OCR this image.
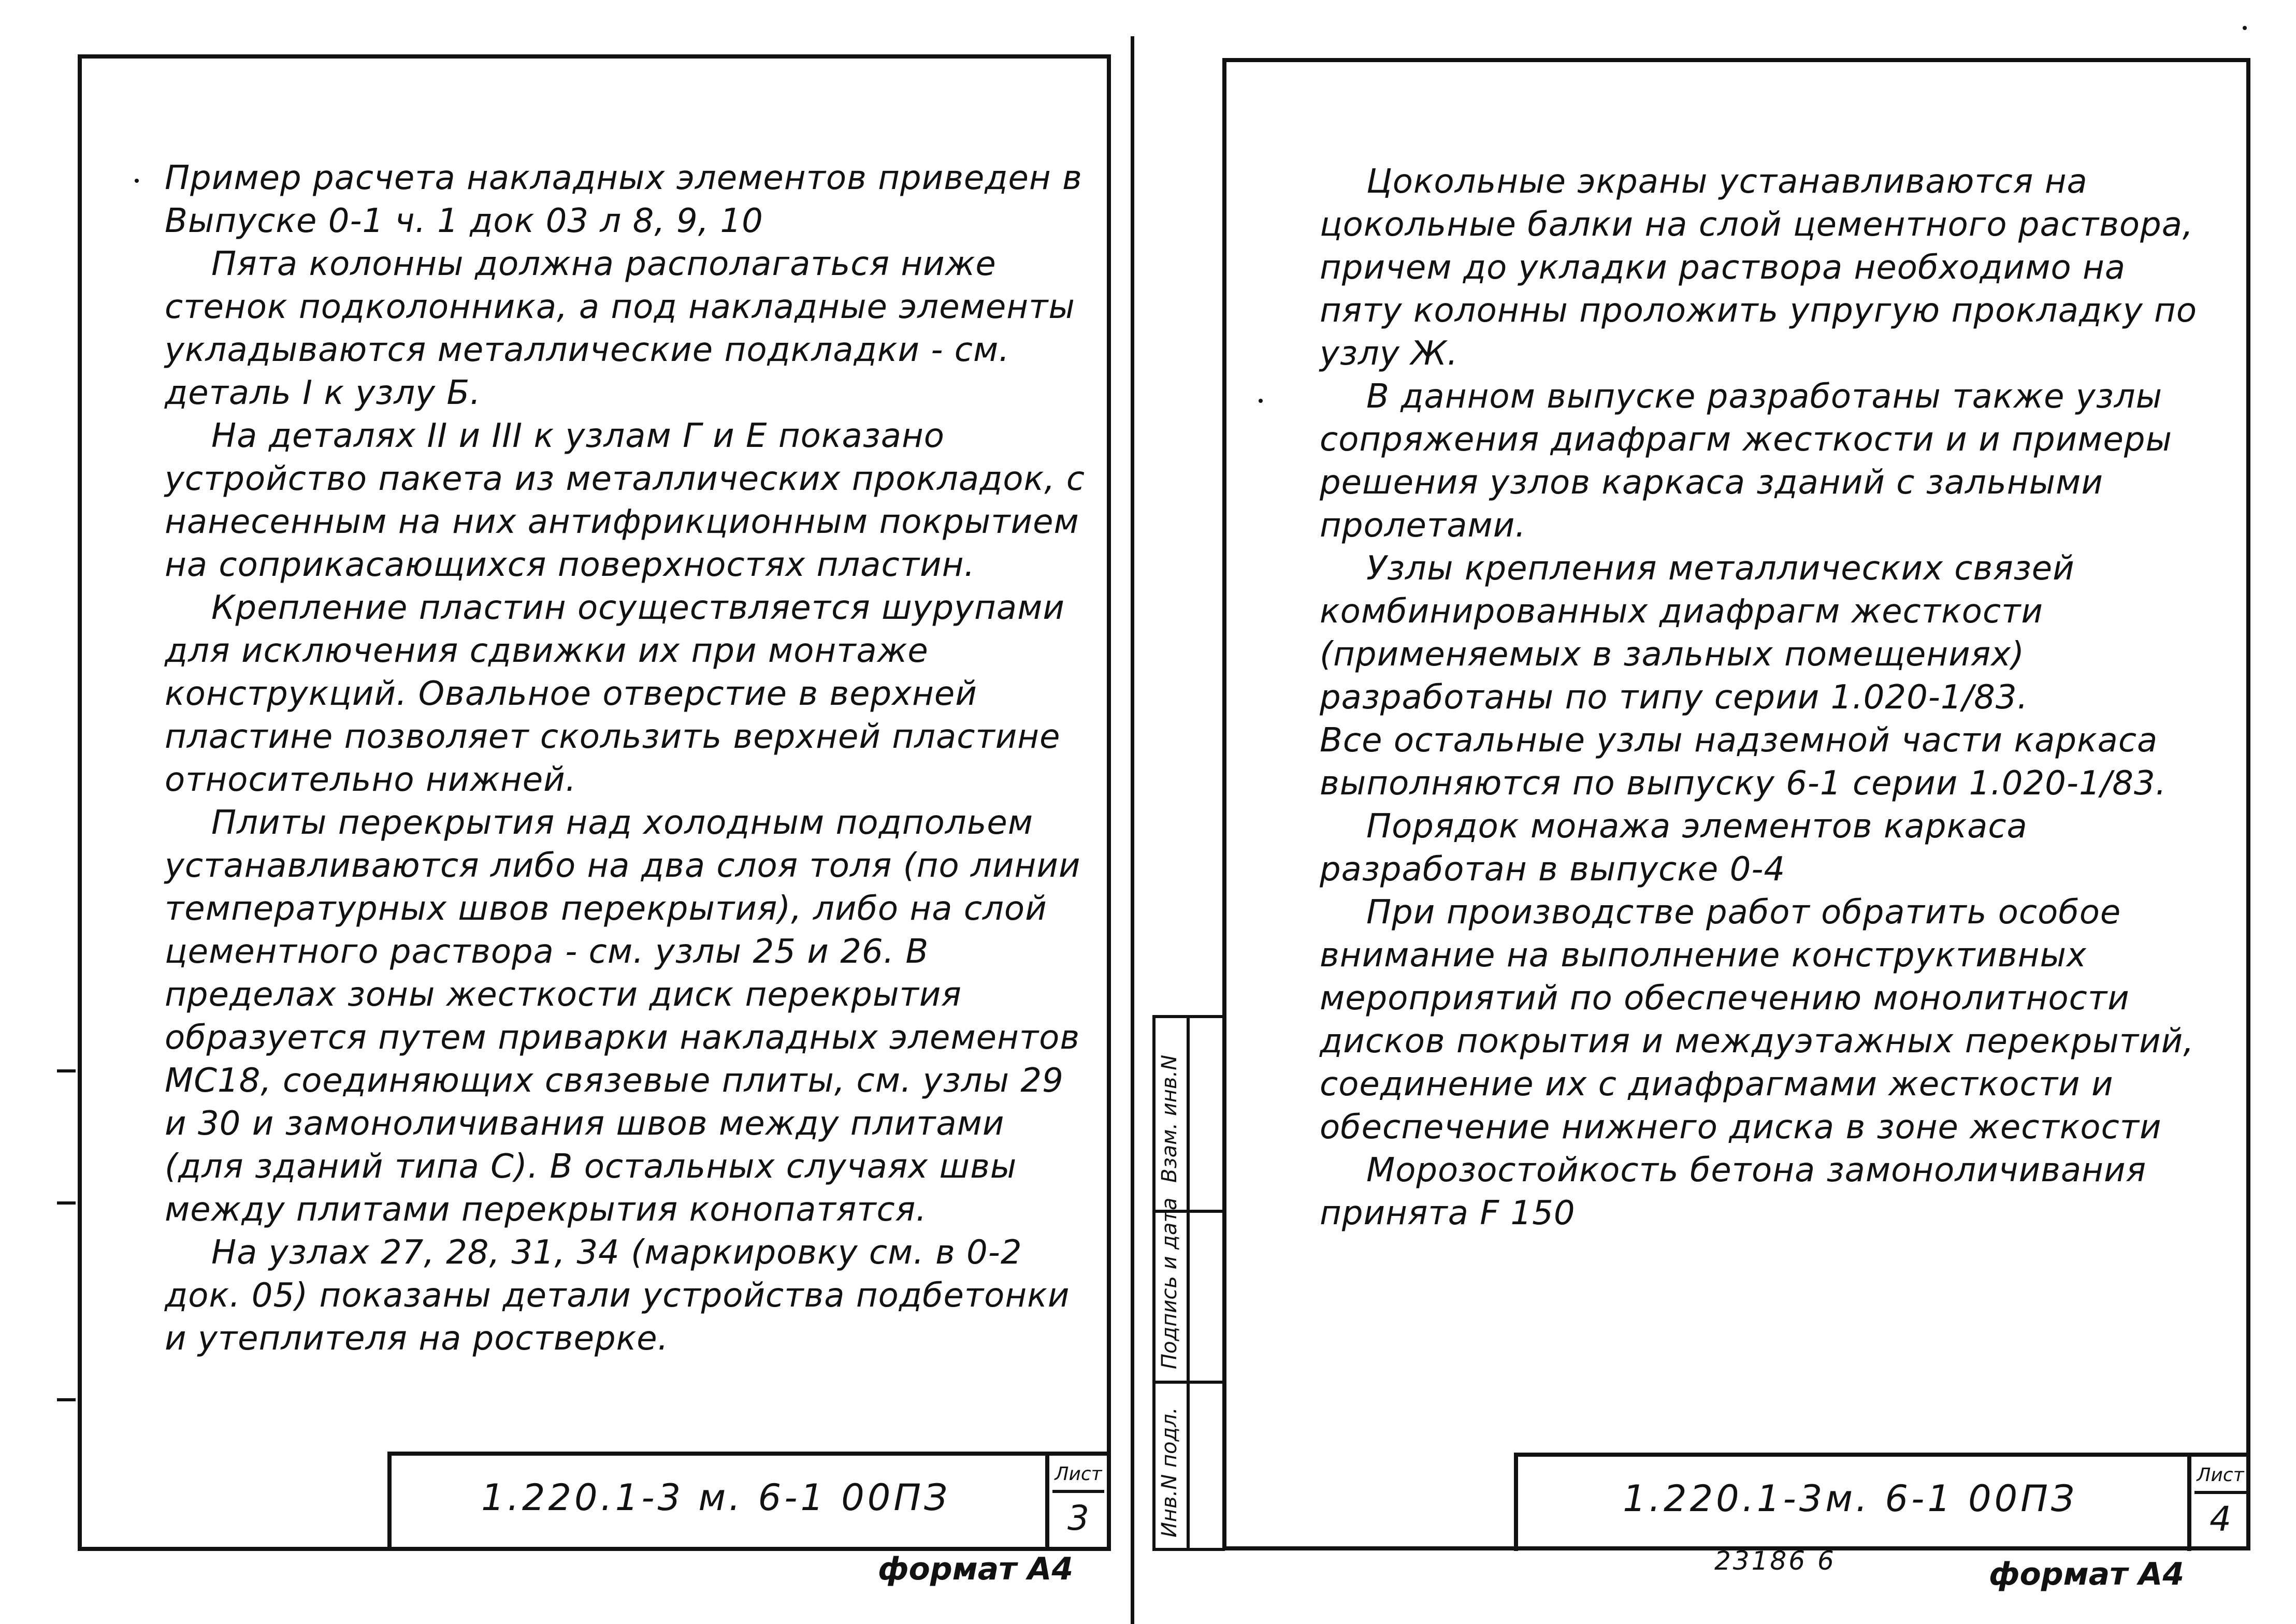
Пример расчета накладных элементов приведен в Выпуске 0-1 ч. 1 док 03 л 8, 9, 10

Пята колонны должна располагаться ниже стенок подколонника, а под накладные элементы укладываются металлические подкладки - см. деталь I к узлу Б.

На деталях II и III к узлам Г и Е показано устройство пакета из металлических прокладок, с нанесенным на них антифрикционным покрытием на соприкасающихся поверхностях пластин.

Крепление пластин осуществляется шурупами для исключения сдвижки их при монтаже конструкций. Овальное отверстие в верхней пластине позволяет скользить верхней пластине относительно нижней.

Плиты перекрытия над холодным подпольем устанавливаются либо на два слоя толя (по линии температурных швов перекрытия), либо на слой цементного раствора - см. узлы 25 и 26. В пределах зоны жесткости диск перекрытия образуется путем приварки накладных элементов МС18, соединяющих связевые плиты, см. узлы 29 и 30 и замоноличивания швов между плитами (для зданий типа С). В остальных случаях швы между плитами перекрытия конопатятся.

На узлах 27, 28, 31, 34 (маркировку см. в 0-2 док. 05) показаны детали устройства подбетонки и утеплителя на ростверке.

1.220.1-3 м. 6-1 00ПЗ
Лист
3
формат А4
Инв.N подл.
Подпись и дата
Взам. инв.N

Цокольные экраны устанавливаются на цокольные балки на слой цементного раствора, причем до укладки раствора необходимо на пяту колонны проложить упругую прокладку по узлу Ж.

В данном выпуске разработаны также узлы сопряжения диафрагм жесткости и и примеры решения узлов каркаса зданий с зальными пролетами.

Узлы крепления металлических связей комбинированных диафрагм жесткости (применяемых в зальных помещениях) разработаны по типу серии 1.020-1/83.

Все остальные узлы надземной части каркаса выполняются по выпуску 6-1 серии 1.020-1/83.

Порядок монажа элементов каркаса разработан в выпуске 0-4

При производстве работ обратить особое внимание на выполнение конструктивных мероприятий по обеспечению монолитности дисков покрытия и междуэтажных перекрытий, соединение их с диафрагмами жесткости и обеспечение нижнего диска в зоне жесткости

Морозостойкость бетона замоноличивания принята F 150

1.220.1-3м. 6-1 00ПЗ
Лист
4
23186 6	формат А4
